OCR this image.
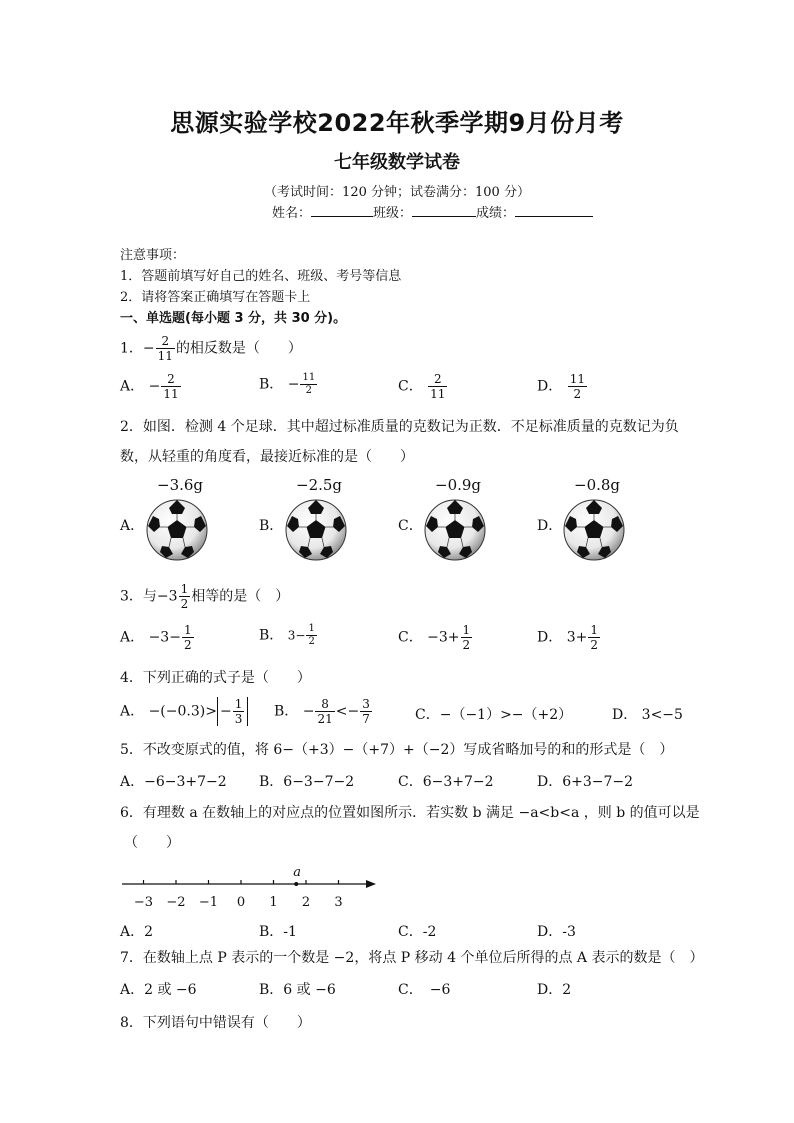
思源实验学校2022年秋季学期9月份月考
七年级数学试卷
（考试时间：120 分钟；试卷满分：100 分）
姓名：	班级：	成绩：
注意事项：
1．答题前填写好自己的姓名、班级、考号等信息
2．请将答案正确填写在答题卡上
一、单选题(每小题 3 分，共 30 分)。
1．− $\frac{2}{11}$ 的相反数是（　　）
A． − $\frac{2}{11}$	B． − $\frac{11}{2}$	C． $\frac{2}{11}$	D． $\frac{11}{2}$
2．如图．检测 4 个足球．其中超过标准质量的克数记为正数．不足标准质量的克数记为负
数，从轻重的角度看，最接近标准的是（　　）
−3.6g	−2.5g	−0.9g	−0.8g
A．	B．	C．	D．
−3 −2 −1 0 1 2 3
a
3．与$-3 \frac{1}{2}$ 相等的是（　）
A． $-3- \frac{1}{2}$	B． $3- \frac{1}{2}$	C． $-3+ \frac{1}{2}$	D． $3+ \frac{1}{2}$
4．下列正确的式子是（　　）
A． $-(-0.3)> - \frac{1}{3}$ B． − $\frac{8}{21} <- \frac{3}{7}$	C．−（−1）>−（+2）	D． 3<−5
5．不改变原式的值，将 6−（+3）−（+7）+（−2）写成省略加号的和的形式是（　）
A．−6−3+7−2 B．6−3−7−2	C．6−3+7−2	D．6+3−7−2
6．有理数 a 在数轴上的对应点的位置如图所示．若实数 b 满足 −a<b<a ，则 b 的值可以是
（　　）
A．2	B．-1	C．-2	D．-3
7．在数轴上点 P 表示的一个数是 −2，将点 P 移动 4 个单位后所得的点 A 表示的数是（　）
A．2 或 −6	B．6 或 −6	C．　−6	D．2
8．下列语句中错误有（　　）
